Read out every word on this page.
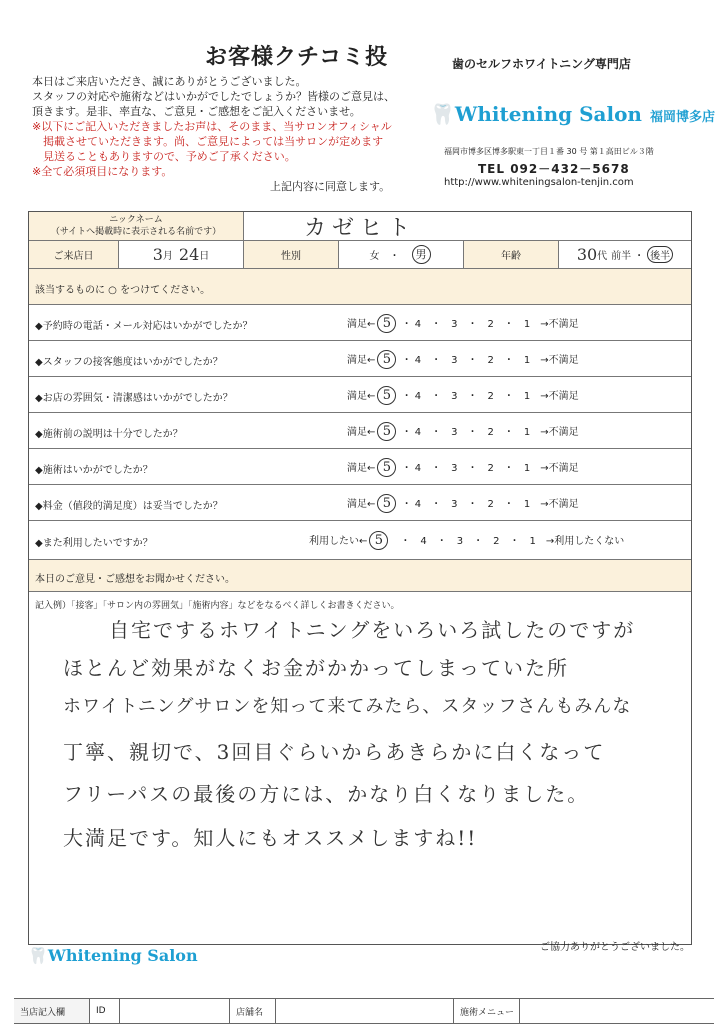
お客様クチコミ投
本日はご来店いただき、誠にありがとうございました。
スタッフの対応や施術などはいかがでしたでしょうか？皆様のご意見は、
頂きます。是非、率直な、ご意見・ご感想をご記入くださいませ。
※以下にご記入いただきましたお声は、そのまま、当サロンオフィシャル
　掲載させていただきます。尚、ご意見によっては当サロンが定めます
　見送ることもありますので、予めご了承ください。
※全て必須項目になります。
上記内容に同意します。
歯のセルフホワイトニング専門店
🦷Whitening Salon 福岡博多店
福岡市博多区博多駅東一丁目１番 30 号 第１高田ビル３階
TEL 092－432－5678
http://www.whiteningsalon-tenjin.com
ニックネーム
（サイトへ掲載時に表示される名前です）	カゼヒト
ご来店日	3 月 24 日	性別	女 ・	男	年齢	30 代 前半 ・ 後半
該当するものに ○ をつけてください。
◆予約時の電話・メール対応はいかがでしたか？	満足← 5 ・ 4　・　3　・　2　・　1　 →不満足
◆スタッフの接客態度はいかがでしたか？	満足← 5 ・ 4　・　3　・　2　・　1　 →不満足
◆お店の雰囲気・清潔感はいかがでしたか？	満足← 5 ・ 4　・　3　・　2　・　1　 →不満足
◆施術前の説明は十分でしたか？	満足← 5 ・ 4　・　3　・　2　・　1　 →不満足
◆施術はいかがでしたか？	満足← 5 ・ 4　・　3　・　2　・　1　 →不満足
◆料金（値段的満足度）は妥当でしたか？	満足← 5 ・ 4　・　3　・　2　・　1　 →不満足
◆また利用したいですか？	利用したい← 5　・　4　・　3　・　2　・　1　 →利用したくない
本日のご意見・ご感想をお聞かせください。
記入例）「接客」「サロン内の雰囲気」「施術内容」などをなるべく詳しくお書きください。
自宅でするホワイトニングをいろいろ試したのですが
ほとんど効果がなくお金がかかってしまっていた所
ホワイトニングサロンを知って来てみたら、スタッフさんもみんな
丁寧、親切で、3回目ぐらいからあきらかに白くなって
フリーパスの最後の方には、かなり白くなりました。
大満足です。知人にもオススメしますね!!
🦷Whitening Salon	ご協力ありがとうございました。
当店記入欄	ID	店舗名	施術メニュー
